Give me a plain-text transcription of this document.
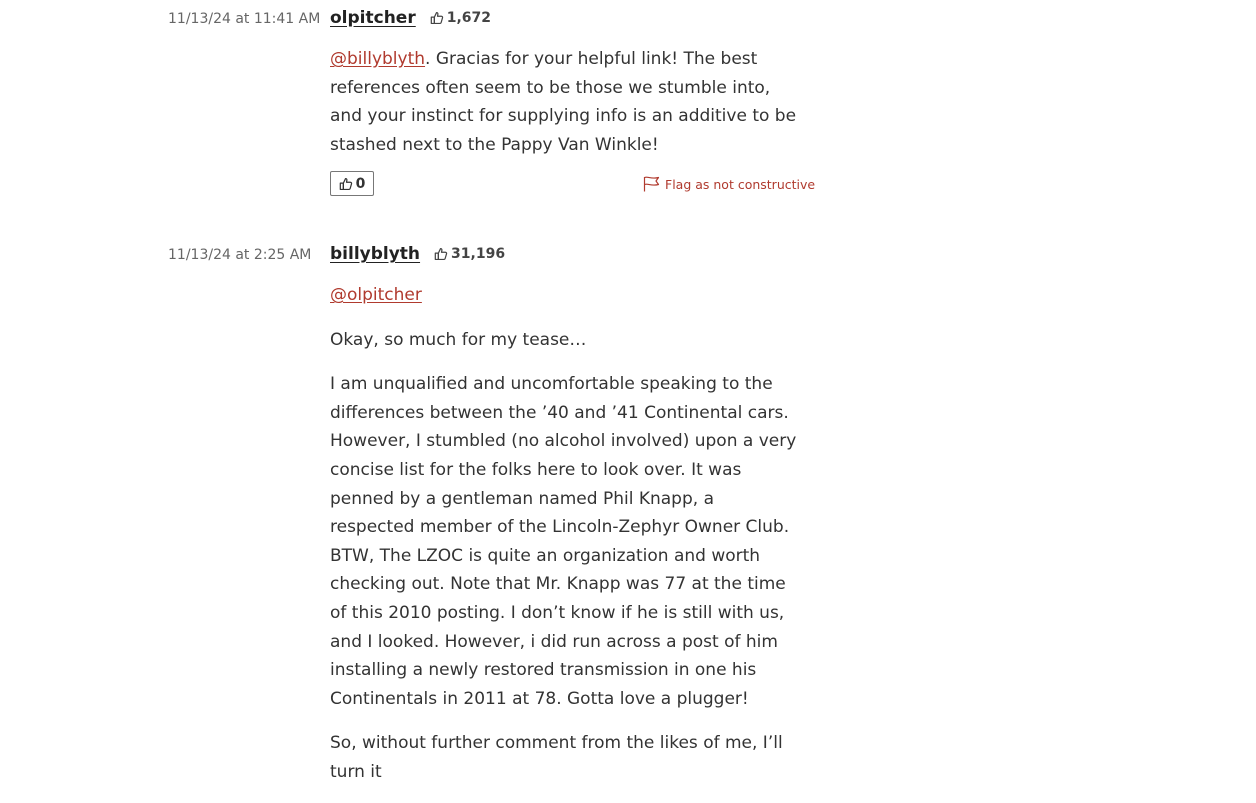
11/13/24 at 11:41 AM olpitcher 1,672

@billyblyth. Gracias for your helpful link! The best references often seem to be those we stumble into, and your instinct for supplying info is an additive to be stashed next to the Pappy Van Winkle!

0	Flag as not constructive
11/13/24 at 2:25 AM billyblyth 31,196

@olpitcher

Okay, so much for my tease…

I am unqualified and uncomfortable speaking to the differences between the ’40 and ’41 Continental cars. However, I stumbled (no alcohol involved) upon a very concise list for the folks here to look over. It was penned by a gentleman named Phil Knapp, a respected member of the Lincoln-Zephyr Owner Club. BTW, The LZOC is quite an organization and worth checking out. Note that Mr. Knapp was 77 at the time of this 2010 posting. I don’t know if he is still with us, and I looked. However, i did run across a post of him installing a newly restored transmission in one his Continentals in 2011 at 78. Gotta love a plugger!

So, without further comment from the likes of me, I’ll turn it
